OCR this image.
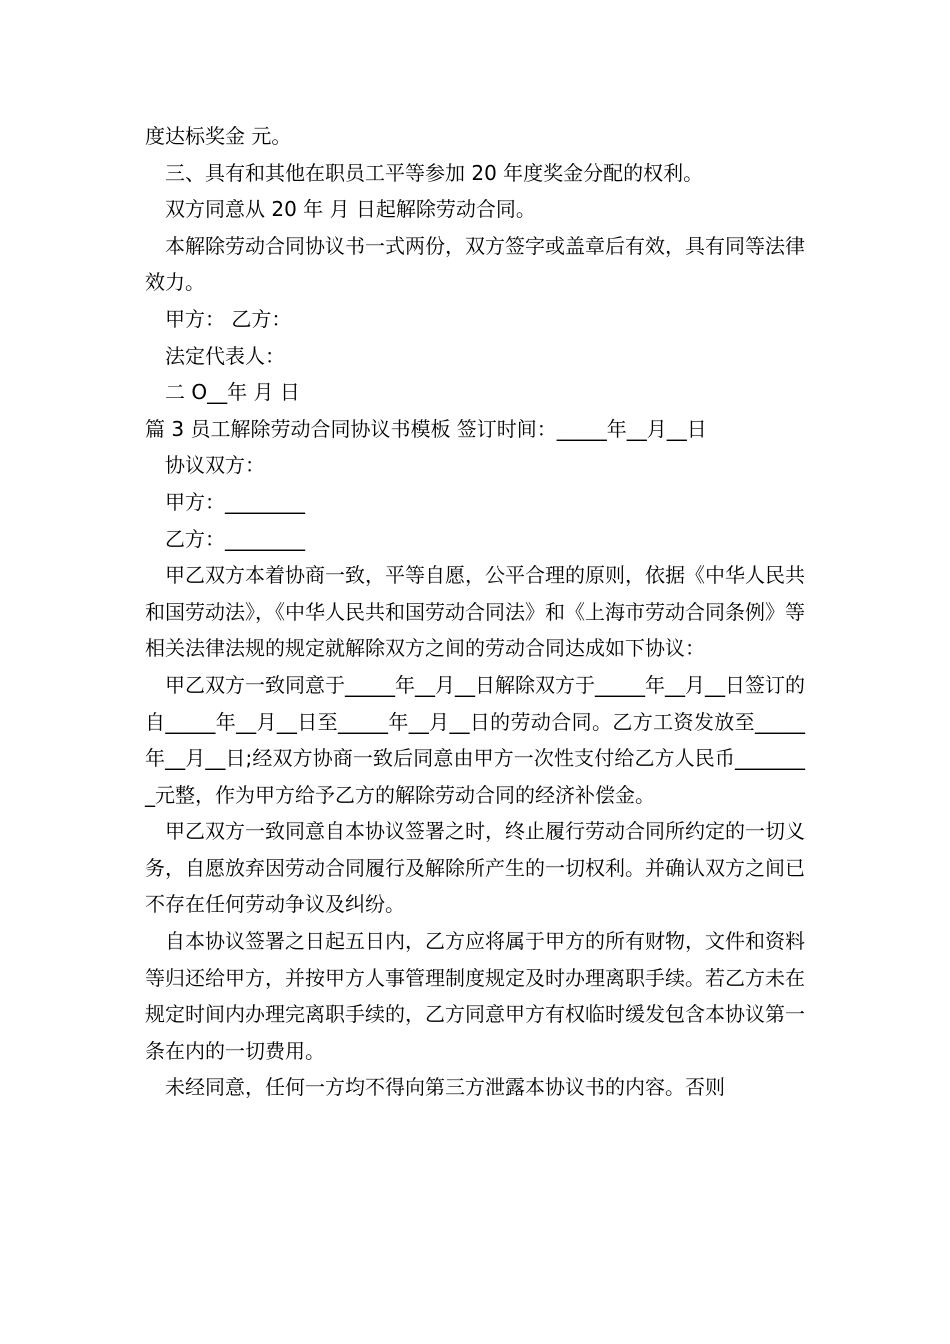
度达标奖金 元。

三、具有和其他在职员工平等参加 20 年度奖金分配的权利。

双方同意从 20 年 月 日起解除劳动合同。

本解除劳动合同协议书一式两份，双方签字或盖章后有效，具有同等法律效力。

甲方： 乙方：

法定代表人：

二 O__年 月 日

篇 3 员工解除劳动合同协议书模板 签订时间：_____年__月__日

协议双方：

甲方：________

乙方：________

甲乙双方本着协商一致，平等自愿，公平合理的原则，依据《中华人民共和国劳动法》，《中华人民共和国劳动合同法》和《上海市劳动合同条例》等相关法律法规的规定就解除双方之间的劳动合同达成如下协议：

甲乙双方一致同意于_____年__月__日解除双方于_____年__月__日签订的自_____年__月__日至_____年__月__日的劳动合同。乙方工资发放至_____年__月__日;经双方协商一致后同意由甲方一次性支付给乙方人民币________元整，作为甲方给予乙方的解除劳动合同的经济补偿金。

甲乙双方一致同意自本协议签署之时，终止履行劳动合同所约定的一切义务，自愿放弃因劳动合同履行及解除所产生的一切权利。并确认双方之间已不存在任何劳动争议及纠纷。

自本协议签署之日起五日内，乙方应将属于甲方的所有财物，文件和资料等归还给甲方，并按甲方人事管理制度规定及时办理离职手续。若乙方未在规定时间内办理完离职手续的，乙方同意甲方有权临时缓发包含本协议第一条在内的一切费用。

未经同意，任何一方均不得向第三方泄露本协议书的内容。否则
